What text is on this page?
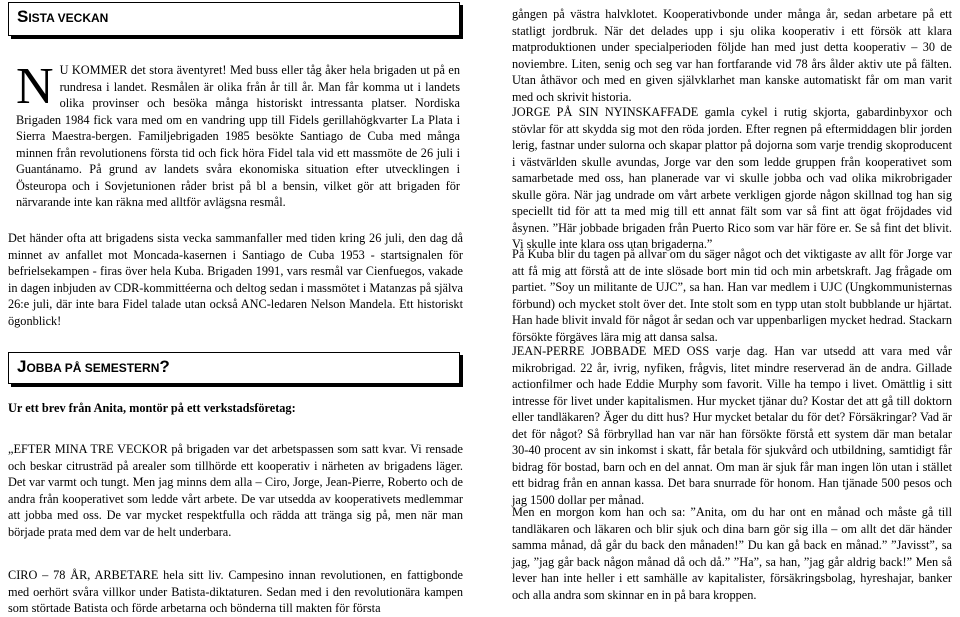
SISTA VECKAN

N U KOMMER det stora äventyret! Med buss eller tåg åker hela brigaden ut på en rundresa i landet. Resmålen är olika från år till år. Man får komma ut i landets olika provinser och besöka många historiskt intressanta platser. Nordiska Brigaden 1984 fick vara med om en vandring upp till Fidels gerillahögkvarter La Plata i Sierra Maestra-bergen. Familjebrigaden 1985 besökte Santiago de Cuba med många minnen från revolutionens första tid och fick höra Fidel tala vid ett massmöte de 26 juli i Guantánamo. På grund av landets svåra ekonomiska situation efter utvecklingen i Östeuropa och i Sovjetunionen råder brist på bl a bensin, vilket gör att brigaden för närvarande inte kan räkna med alltför avlägsna resmål.

Det händer ofta att brigadens sista vecka sammanfaller med tiden kring 26 juli, den dag då minnet av anfallet mot Moncada-kasernen i Santiago de Cuba 1953 - startsignalen för befrielsekampen - firas över hela Kuba. Brigaden 1991, vars resmål var Cienfuegos, vakade in dagen inbjuden av CDR-kommittéerna och deltog sedan i massmötet i Matanzas på själva 26:e juli, där inte bara Fidel talade utan också ANC-ledaren Nelson Mandela. Ett historiskt ögonblick!

JOBBA PÅ SEMESTERN?

Ur ett brev från Anita, montör på ett verkstadsföretag:

„EFTER MINA TRE VECKOR på brigaden var det arbetspassen som satt kvar. Vi rensade och beskar citrusträd på arealer som tillhörde ett kooperativ i närheten av brigadens läger. Det var varmt och tungt. Men jag minns dem alla – Ciro, Jorge, Jean-Pierre, Roberto och de andra från kooperativet som ledde vårt arbete. De var utsedda av kooperativets medlemmar att jobba med oss. De var mycket respektfulla och rädda att tränga sig på, men när man började prata med dem var de helt underbara.

CIRO – 78 ÅR, ARBETARE hela sitt liv. Campesino innan revolutionen, en fattigbonde med oerhört svåra villkor under Batista-diktaturen. Sedan med i den revolutionära kampen som störtade Batista och förde arbetarna och bönderna till makten för första

gången på västra halvklotet. Kooperativbonde under många år, sedan arbetare på ett statligt jordbruk. När det delades upp i sju olika kooperativ i ett försök att klara matproduktionen under specialperioden följde han med just detta kooperativ – 30 de noviembre. Liten, senig och seg var han fortfarande vid 78 års ålder aktiv ute på fälten. Utan åthävor och med en given självklarhet man kanske automatiskt får om man varit med och skrivit historia.

JORGE PÅ SIN NYINSKAFFADE gamla cykel i rutig skjorta, gabardinbyxor och stövlar för att skydda sig mot den röda jorden. Efter regnen på eftermiddagen blir jorden lerig, fastnar under sulorna och skapar plattor på dojorna som varje trendig skoproducent i västvärlden skulle avundas, Jorge var den som ledde gruppen från kooperativet som samarbetade med oss, han planerade var vi skulle jobba och vad olika mikrobrigader skulle göra. När jag undrade om vårt arbete verkligen gjorde någon skillnad tog han sig speciellt tid för att ta med mig till ett annat fält som var så fint att ögat fröjdades vid åsynen. ”Här jobbade brigaden från Puerto Rico som var här före er. Se så fint det blivit. Vi skulle inte klara oss utan brigaderna.”

På Kuba blir du tagen på allvar om du säger något och det viktigaste av allt för Jorge var att få mig att förstå att de inte slösade bort min tid och min arbetskraft. Jag frågade om partiet. ”Soy un militante de UJC”, sa han. Han var medlem i UJC (Ungkommunisternas förbund) och mycket stolt över det. Inte stolt som en typp utan stolt bubblande ur hjärtat. Han hade blivit invald för något år sedan och var uppenbarligen mycket hedrad. Stackarn försökte förgäves lära mig att dansa salsa.

JEAN-PERRE JOBBADE MED OSS varje dag. Han var utsedd att vara med vår mikrobrigad. 22 år, ivrig, nyfiken, frågvis, litet mindre reserverad än de andra. Gillade actionfilmer och hade Eddie Murphy som favorit. Ville ha tempo i livet. Omättlig i sitt intresse för livet under kapitalismen. Hur mycket tjänar du? Kostar det att gå till doktorn eller tandläkaren? Äger du ditt hus? Hur mycket betalar du för det? Försäkringar? Vad är det för något? Så förbryllad han var när han försökte förstå ett system där man betalar 30-40 procent av sin inkomst i skatt, får betala för sjukvård och utbildning, samtidigt får bidrag för bostad, barn och en del annat. Om man är sjuk får man ingen lön utan i stället ett bidrag från en annan kassa. Det bara snurrade för honom. Han tjänade 500 pesos och jag 1500 dollar per månad.

Men en morgon kom han och sa: ”Anita, om du har ont en månad och måste gå till tandläkaren och läkaren och blir sjuk och dina barn gör sig illa – om allt det där händer samma månad, då går du back den månaden!” Du kan gå back en månad.” ”Javisst”, sa jag, ”jag går back någon månad då och då.” ”Ha”, sa han, ”jag går aldrig back!” Men så lever han inte heller i ett samhälle av kapitalister, försäkringsbolag, hyreshajar, banker och alla andra som skinnar en in på bara kroppen.
